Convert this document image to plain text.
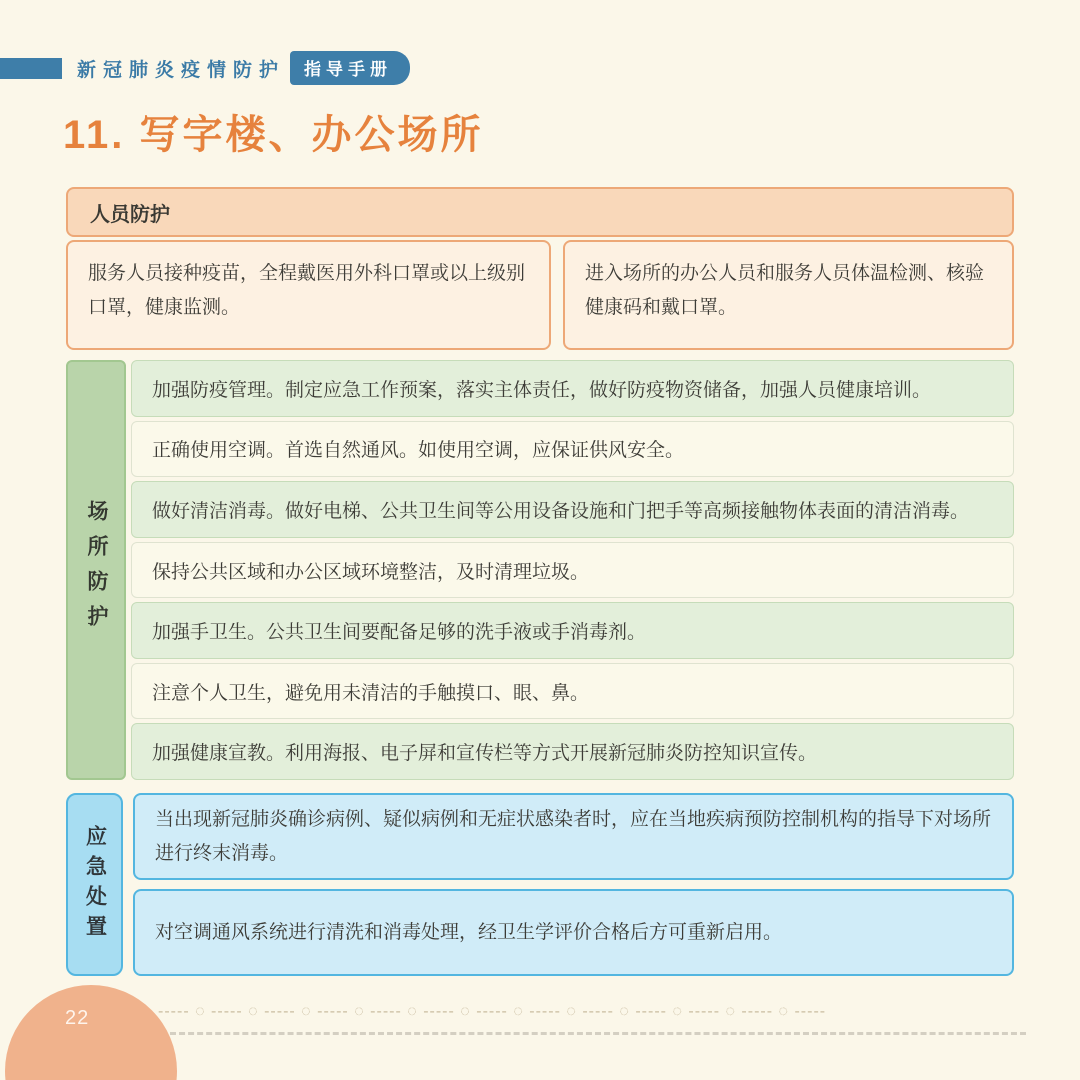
新冠肺炎疫情防护	指导手册
11. 写字楼、办公场所
人员防护
服务人员接种疫苗，全程戴医用外科口罩或以上级别口罩，健康监测。
进入场所的办公人员和服务人员体温检测、核验健康码和戴口罩。
场所防护
加强防疫管理。制定应急工作预案，落实主体责任，做好防疫物资储备，加强人员健康培训。
正确使用空调。首选自然通风。如使用空调，应保证供风安全。
做好清洁消毒。做好电梯、公共卫生间等公用设备设施和门把手等高频接触物体表面的清洁消毒。
保持公共区域和办公区域环境整洁，及时清理垃圾。
加强手卫生。公共卫生间要配备足够的洗手液或手消毒剂。
注意个人卫生，避免用未清洁的手触摸口、眼、鼻。
加强健康宣教。利用海报、电子屏和宣传栏等方式开展新冠肺炎防控知识宣传。
应急处置
当出现新冠肺炎确诊病例、疑似病例和无症状感染者时，应在当地疾病预防控制机构的指导下对场所进行终末消毒。
对空调通风系统进行清洗和消毒处理，经卫生学评价合格后方可重新启用。
----- ◌ ----- ◌ ----- ◌ ----- ◌ ----- ◌ ----- ◌ ----- ◌ ----- ◌ ----- ◌ ----- ◌ ----- ◌ ----- ◌ -----
22
